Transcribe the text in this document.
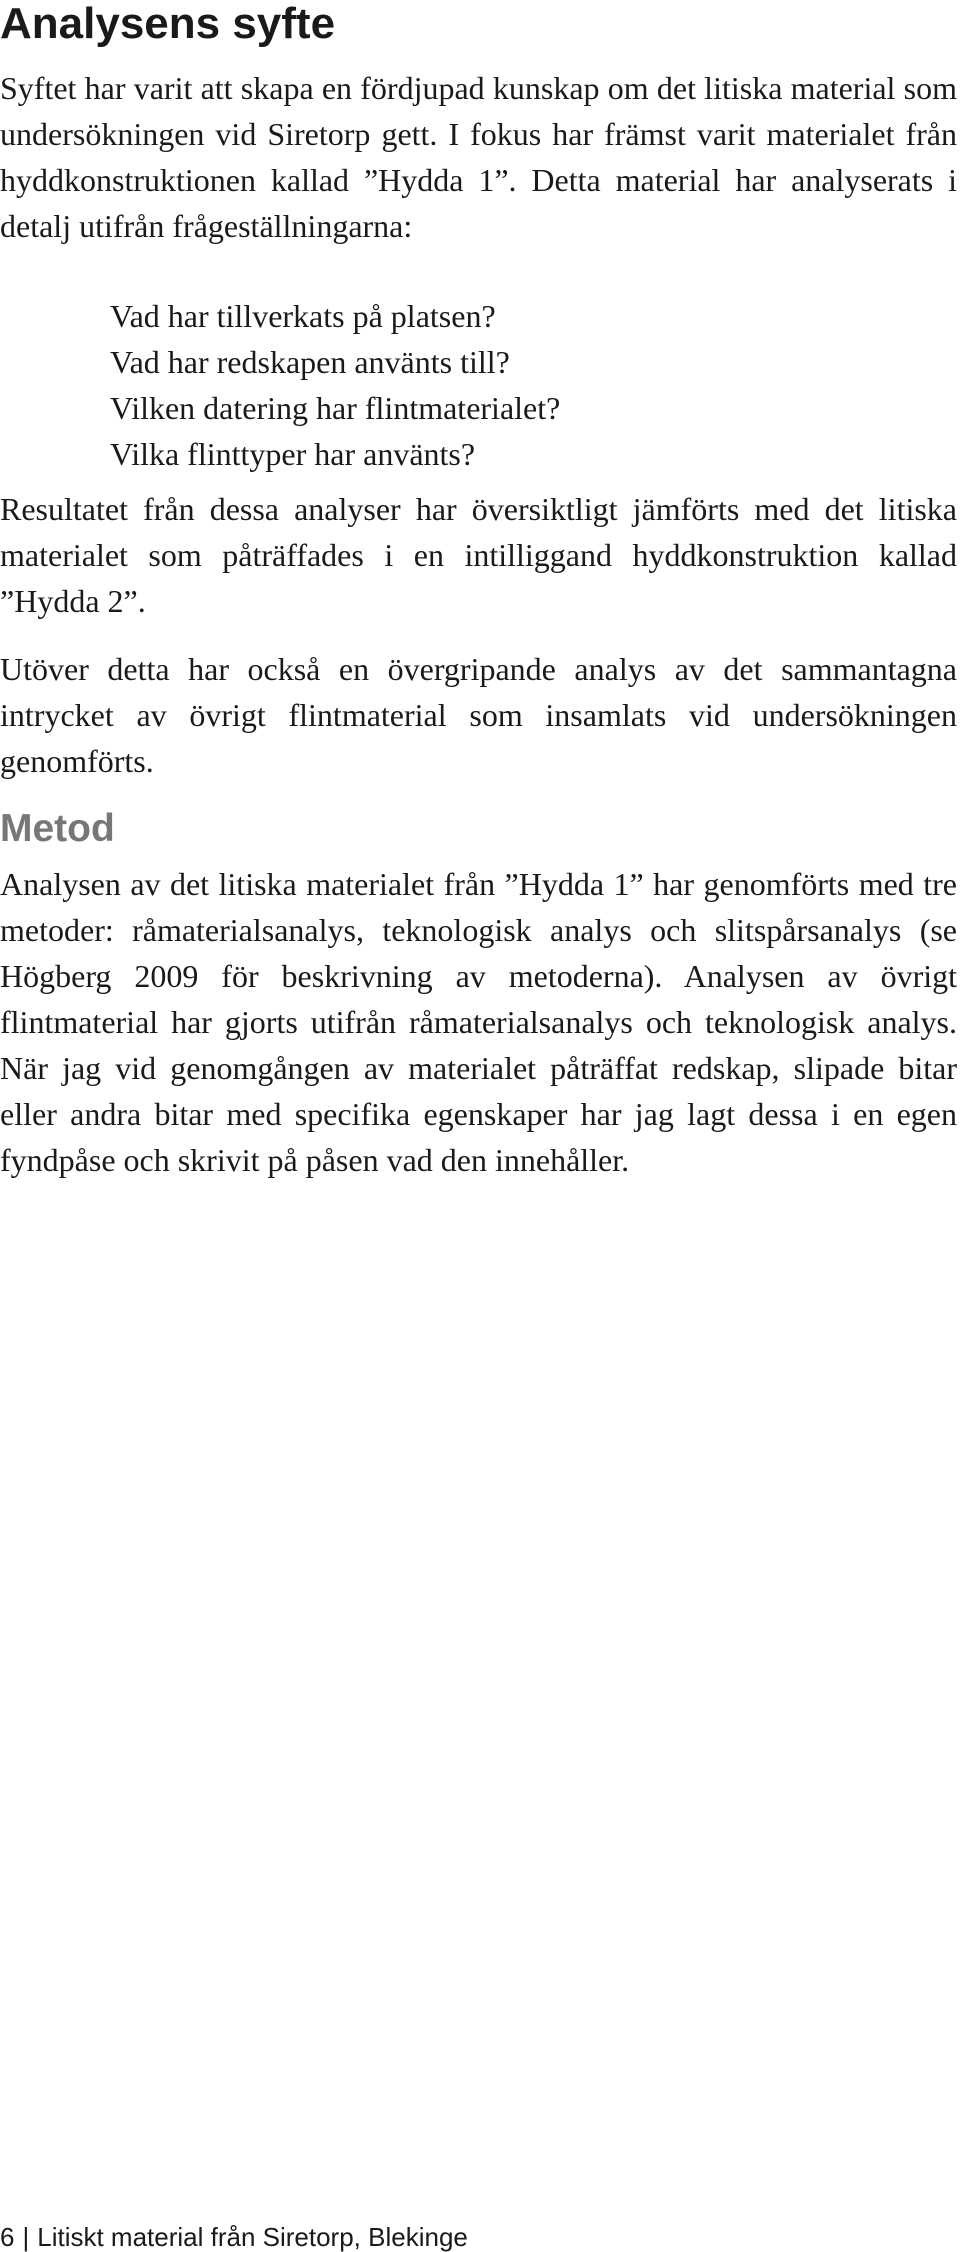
Analysens syfte

Syftet har varit att skapa en fördjupad kunskap om det litiska material som undersökningen vid Siretorp gett. I fokus har främst varit materialet från hyddkonstruktionen kallad ”Hydda 1”. Detta material har analyserats i detalj utifrån frågeställningarna:

Vad har tillverkats på platsen?
Vad har redskapen använts till?
Vilken datering har flintmaterialet?
Vilka flinttyper har använts?

Resultatet från dessa analyser har översiktligt jämförts med det litiska materialet som påträffades i en intilliggand hyddkonstruktion kallad ”Hydda 2”.

Utöver detta har också en övergripande analys av det sammantagna intrycket av övrigt flintmaterial som insamlats vid undersökningen genomförts.

Metod

Analysen av det litiska materialet från ”Hydda 1” har genomförts med tre metoder: råmaterialsanalys, teknologisk analys och slitspårsanalys (se Högberg 2009 för beskrivning av metoderna). Analysen av övrigt flintmaterial har gjorts utifrån råmaterialsanalys och teknologisk analys. När jag vid genomgången av materialet påträffat redskap, slipade bitar eller andra bitar med specifika egenskaper har jag lagt dessa i en egen fyndpåse och skrivit på påsen vad den innehåller.

6 | Litiskt material från Siretorp, Blekinge
